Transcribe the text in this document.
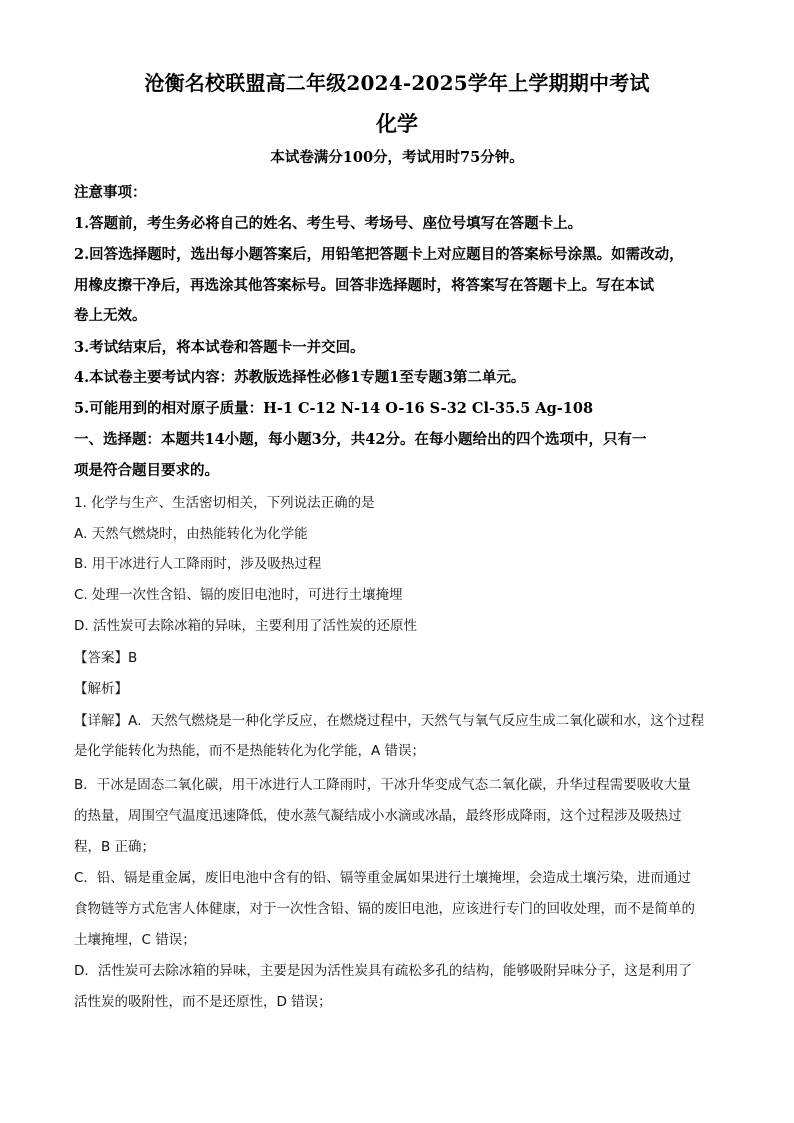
沧衡名校联盟高二年级2024-2025学年上学期期中考试
化学
本试卷满分100分，考试用时75分钟。
注意事项：
1.答题前，考生务必将自己的姓名、考生号、考场号、座位号填写在答题卡上。
2.回答选择题时，选出每小题答案后，用铅笔把答题卡上对应题目的答案标号涂黑。如需改动，
用橡皮擦干净后，再选涂其他答案标号。回答非选择题时，将答案写在答题卡上。写在本试
卷上无效。
3.考试结束后，将本试卷和答题卡一并交回。
4.本试卷主要考试内容：苏教版选择性必修1专题1至专题3第二单元。
5.可能用到的相对原子质量：H-1 C-12 N-14 O-16 S-32 Cl-35.5 Ag-108
一、选择题：本题共14小题，每小题3分，共42分。在每小题给出的四个选项中，只有一
项是符合题目要求的。
1. 化学与生产、生活密切相关，下列说法正确的是
A. 天然气燃烧时，由热能转化为化学能
B. 用干冰进行人工降雨时，涉及吸热过程
C. 处理一次性含铅、镉的废旧电池时，可进行土壤掩埋
D. 活性炭可去除冰箱的异味，主要利用了活性炭的还原性
【答案】B
【解析】
【详解】A．天然气燃烧是一种化学反应，在燃烧过程中，天然气与氧气反应生成二氧化碳和水，这个过程
是化学能转化为热能，而不是热能转化为化学能，A 错误；
B．干冰是固态二氧化碳，用干冰进行人工降雨时，干冰升华变成气态二氧化碳，升华过程需要吸收大量
的热量，周围空气温度迅速降低，使水蒸气凝结成小水滴或冰晶，最终形成降雨，这个过程涉及吸热过
程，B 正确；
C．铅、镉是重金属，废旧电池中含有的铅、镉等重金属如果进行土壤掩埋，会造成土壤污染，进而通过
食物链等方式危害人体健康，对于一次性含铅、镉的废旧电池，应该进行专门的回收处理，而不是简单的
土壤掩埋，C 错误；
D．活性炭可去除冰箱的异味，主要是因为活性炭具有疏松多孔的结构，能够吸附异味分子，这是利用了
活性炭的吸附性，而不是还原性，D 错误；
